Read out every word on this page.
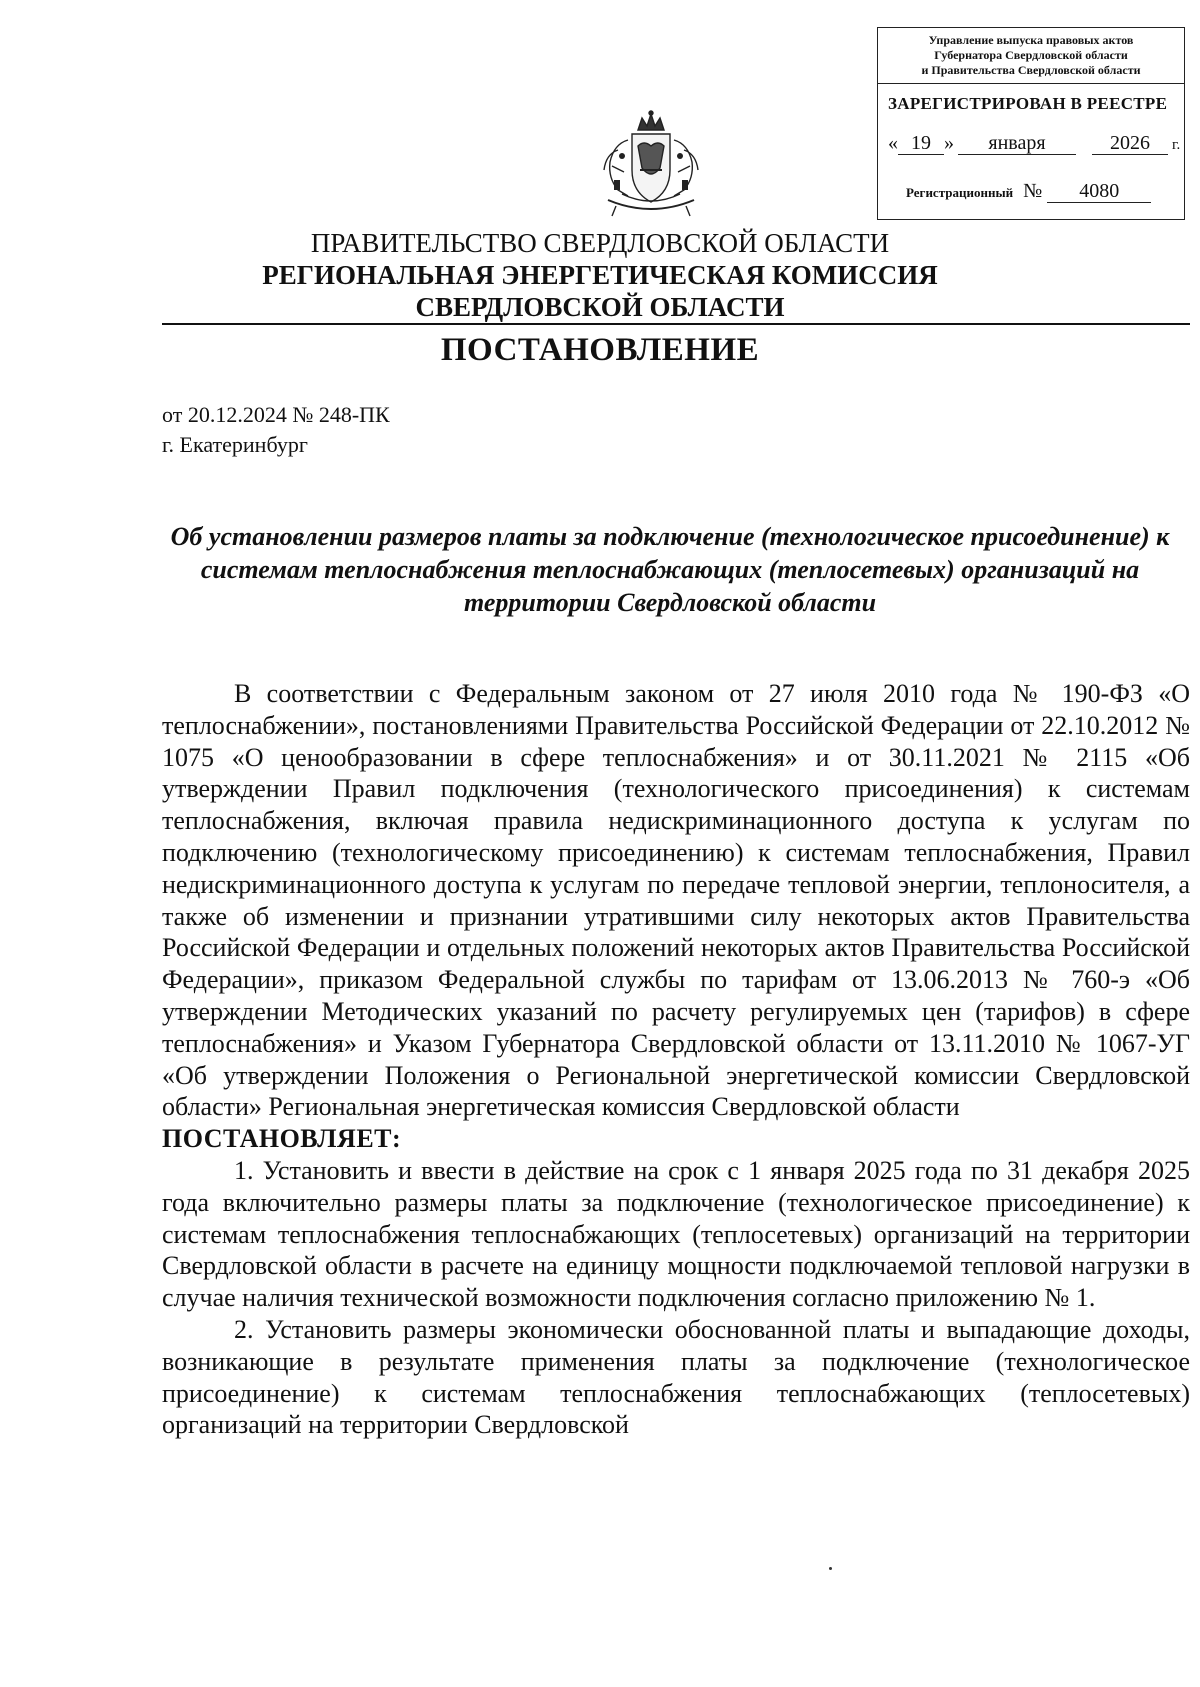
Управление выпуска правовых актов
Губернатора Свердловской области
и Правительства Свердловской области
ЗАРЕГИСТРИРОВАН В РЕЕСТРЕ
« 19 » января	2026 г.
Регистрационный № 4080
ПРАВИТЕЛЬСТВО СВЕРДЛОВСКОЙ ОБЛАСТИ
РЕГИОНАЛЬНАЯ ЭНЕРГЕТИЧЕСКАЯ КОМИССИЯ
СВЕРДЛОВСКОЙ ОБЛАСТИ
ПОСТАНОВЛЕНИЕ
от 20.12.2024 № 248-ПК
г. Екатеринбург
Об установлении размеров платы за подключение (технологическое присоединение) к системам теплоснабжения теплоснабжающих (теплосетевых) организаций на территории Свердловской области

В соответствии с Федеральным законом от 27 июля 2010 года № 190-ФЗ «О теплоснабжении», постановлениями Правительства Российской Федерации от 22.10.2012 № 1075 «О ценообразовании в сфере теплоснабжения» и от 30.11.2021 № 2115 «Об утверждении Правил подключения (технологического присоединения) к системам теплоснабжения, включая правила недискриминационного доступа к услугам по подключению (технологическому присоединению) к системам теплоснабжения, Правил недискриминационного доступа к услугам по передаче тепловой энергии, теплоносителя, а также об изменении и признании утратившими силу некоторых актов Правительства Российской Федерации и отдельных положений некоторых актов Правительства Российской Федерации», приказом Федеральной службы по тарифам от 13.06.2013 № 760-э «Об утверждении Методических указаний по расчету регулируемых цен (тарифов) в сфере теплоснабжения» и Указом Губернатора Свердловской области от 13.11.2010 № 1067-УГ «Об утверждении Положения о Региональной энергетической комиссии Свердловской области» Региональная энергетическая комиссия Свердловской области

ПОСТАНОВЛЯЕТ:

1. Установить и ввести в действие на срок с 1 января 2025 года по 31 декабря 2025 года включительно размеры платы за подключение (технологическое присоединение) к системам теплоснабжения теплоснабжающих (теплосетевых) организаций на территории Свердловской области в расчете на единицу мощности подключаемой тепловой нагрузки в случае наличия технической возможности подключения согласно приложению № 1.

2. Установить размеры экономически обоснованной платы и выпадающие доходы, возникающие в результате применения платы за подключение (технологическое присоединение) к системам теплоснабжения теплоснабжающих (теплосетевых) организаций на территории Свердловской
